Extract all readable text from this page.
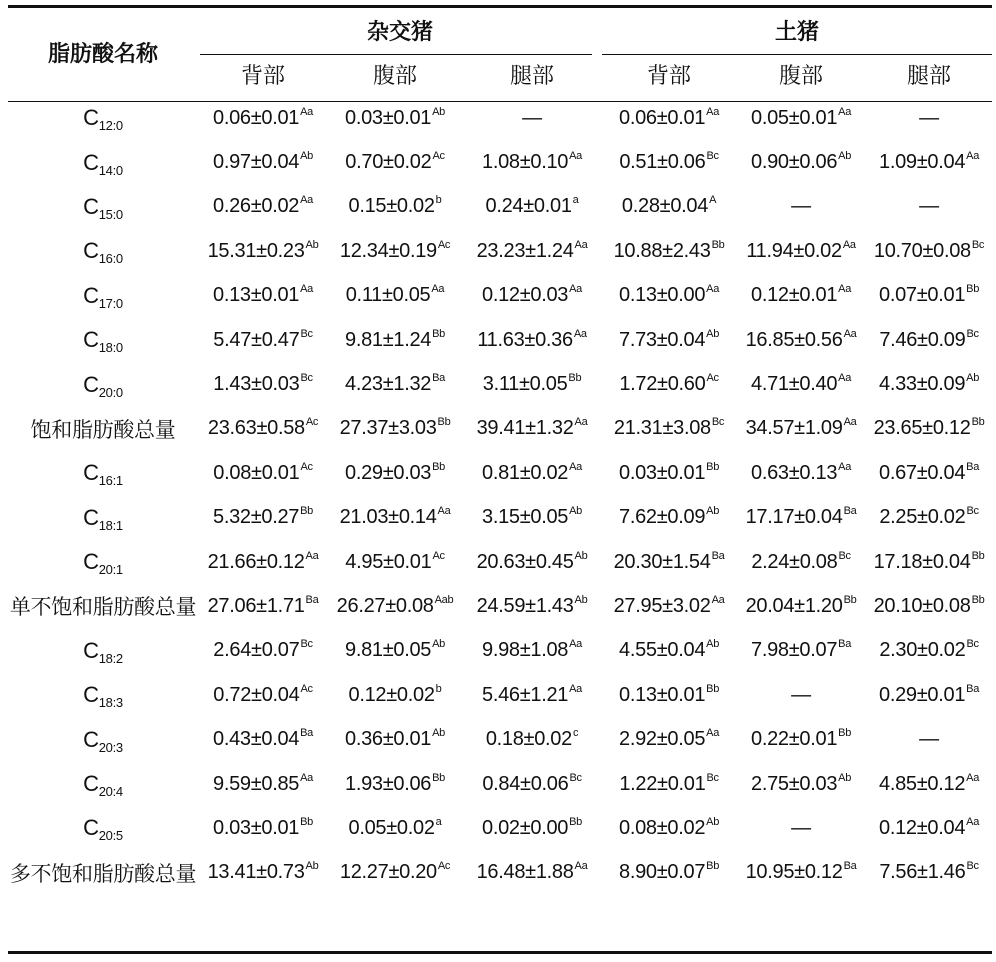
脂肪酸名称	杂交猪			土猪		
	背部	腹部	腿部	背部	腹部	腿部
$C_{12:0}$	$0.06\pm 0.01^{Aa}$	$0.03\pm 0.01^{Ab}$	—	$0.06\pm 0.01^{Aa}$	$0.05\pm 0.01^{Aa}$	—
$C_{14:0}$	$0.97\pm 0.04^{Ab}$	$0.70\pm 0.02^{Ac}$	$1.08\pm 0.10^{Aa}$	$0.51\pm 0.06^{Bc}$	$0.90\pm 0.06^{Ab}$	$1.09\pm 0.04^{Aa}$
$C_{15:0}$	$0.26\pm 0.02^{Aa}$	0.15±0.02$^b$	0.24±0.01$^a$	$0.28\pm 0.04^A$	—	—
$C_{16:0}$	$15.31\pm 0.23^{Ab}$	$12.34\pm 0.19^{Ac}$	$23.23\pm 1.24^{Aa}$	$10.88\pm 2.43^{Bb}$	$11.94\pm 0.02^{Aa}$	$10.70\pm 0.08^{Bc}$
$C_{17:0}$	$0.13\pm 0.01^{Aa}$	$0.11\pm 0.05^{Aa}$	$0.12\pm 0.03^{Aa}$	$0.13\pm 0.00^{Aa}$	$0.12\pm 0.01^{Aa}$	$0.07\pm 0.01^{Bb}$
$C_{18:0}$	$5.47\pm 0.47^{Bc}$	$9.81\pm 1.24^{Bb}$	$11.63\pm 0.36^{Aa}$	$7.73\pm 0.04^{Ab}$	$16.85\pm 0.56^{Aa}$	$7.46\pm 0.09^{Bc}$
$C_{20:0}$	$1.43\pm 0.03^{Bc}$	$4.23\pm 1.32^{Ba}$	$3.11\pm 0.05^{Bb}$	$1.72\pm 0.60^{Ac}$	$4.71\pm 0.40^{Aa}$	$4.33\pm 0.09^{Ab}$
饱和脂肪酸总量	$23.63\pm 0.58^{Ac}$	$27.37\pm 3.03^{Bb}$	$39.41\pm 1.32^{Aa}$	$21.31\pm 3.08^{Bc}$	$34.57\pm 1.09^{Aa}$	$23.65\pm 0.12^{Bb}$
$C_{16:1}$	$0.08\pm 0.01^{Ac}$	$0.29\pm 0.03^{Bb}$	$0.81\pm 0.02^{Aa}$	$0.03\pm 0.01^{Bb}$	$0.63\pm 0.13^{Aa}$	$0.67\pm 0.04^{Ba}$
$C_{18:1}$	$5.32\pm 0.27^{Bb}$	$21.03\pm 0.14^{Aa}$	$3.15\pm 0.05^{Ab}$	$7.62\pm 0.09^{Ab}$	$17.17\pm 0.04^{Ba}$	$2.25\pm 0.02^{Bc}$
$C_{20:1}$	$21.66\pm 0.12^{Aa}$	$4.95\pm 0.01^{Ac}$	$20.63\pm 0.45^{Ab}$	$20.30\pm 1.54^{Ba}$	$2.24\pm 0.08^{Bc}$	$17.18\pm 0.04^{Bb}$
单不饱和脂肪酸总量	$27.06\pm 1.71^{Ba}$	$26.27\pm 0.08^{Aab}$	$24.59\pm 1.43^{Ab}$	$27.95\pm 3.02^{Aa}$	$20.04\pm 1.20^{Bb}$	$20.10\pm 0.08^{Bb}$
$C_{18:2}$	$2.64\pm 0.07^{Bc}$	$9.81\pm 0.05^{Ab}$	$9.98\pm 1.08^{Aa}$	$4.55\pm 0.04^{Ab}$	$7.98\pm 0.07^{Ba}$	$2.30\pm 0.02^{Bc}$
$C_{18:3}$	$0.72\pm 0.04^{Ac}$	0.12±0.02$^b$	$5.46\pm 1.21^{Aa}$	$0.13\pm 0.01^{Bb}$	—	$0.29\pm 0.01^{Ba}$
$C_{20:3}$	$0.43\pm 0.04^{Ba}$	$0.36\pm 0.01^{Ab}$	0.18±0.02$^c$	$2.92\pm 0.05^{Aa}$	$0.22\pm 0.01^{Bb}$	—
$C_{20:4}$	$9.59\pm 0.85^{Aa}$	$1.93\pm 0.06^{Bb}$	$0.84\pm 0.06^{Bc}$	$1.22\pm 0.01^{Bc}$	$2.75\pm 0.03^{Ab}$	$4.85\pm 0.12^{Aa}$
$C_{20:5}$	$0.03\pm 0.01^{Bb}$	0.05±0.02$^a$	$0.02\pm 0.00^{Bb}$	$0.08\pm 0.02^{Ab}$	—	$0.12\pm 0.04^{Aa}$
多不饱和脂肪酸总量	$13.41\pm 0.73^{Ab}$	$12.27\pm 0.20^{Ac}$	$16.48\pm 1.88^{Aa}$	$8.90\pm 0.07^{Bb}$	$10.95\pm 0.12^{Ba}$	$7.56\pm 1.46^{Bc}$
